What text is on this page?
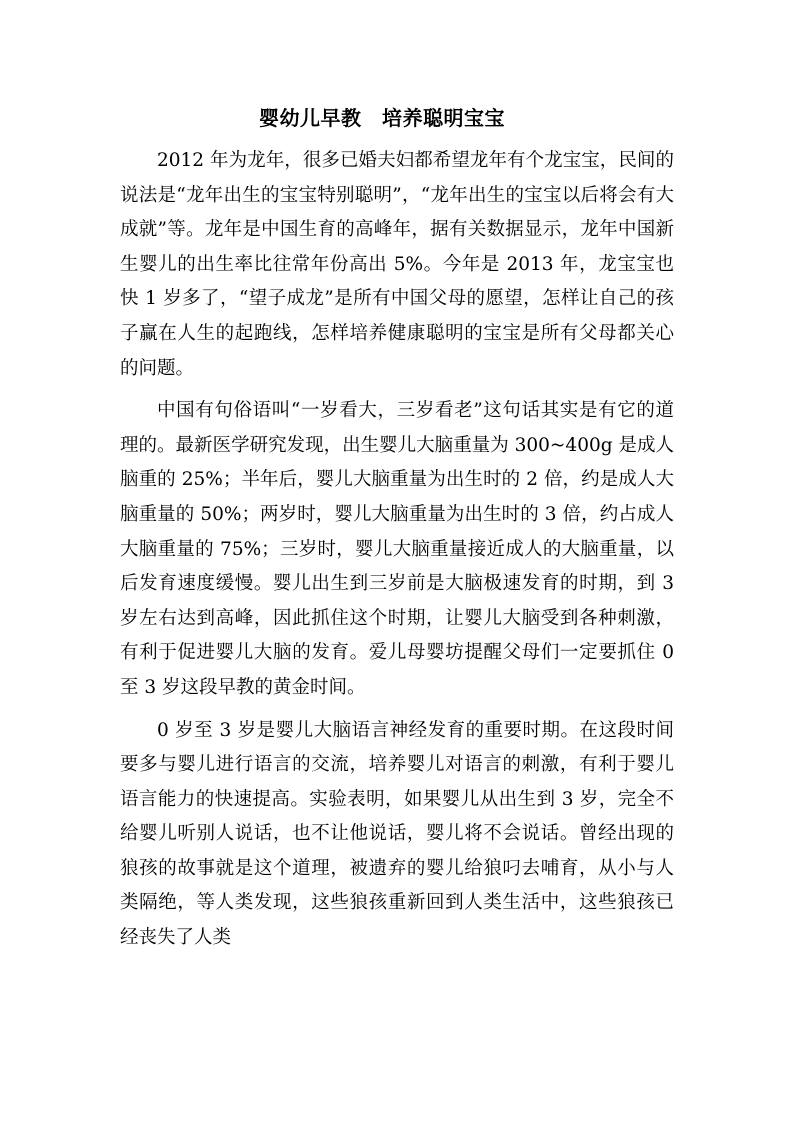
婴幼儿早教　培养聪明宝宝

2012 年为龙年，很多已婚夫妇都希望龙年有个龙宝宝，民间的说法是“龙年出生的宝宝特别聪明”，“龙年出生的宝宝以后将会有大成就”等。龙年是中国生育的高峰年，据有关数据显示，龙年中国新生婴儿的出生率比往常年份高出 5%。今年是 2013 年，龙宝宝也快 1 岁多了，“望子成龙”是所有中国父母的愿望，怎样让自己的孩子赢在人生的起跑线，怎样培养健康聪明的宝宝是所有父母都关心的问题。

中国有句俗语叫“一岁看大，三岁看老”这句话其实是有它的道理的。最新医学研究发现，出生婴儿大脑重量为 300~400g 是成人脑重的 25%；半年后，婴儿大脑重量为出生时的 2 倍，约是成人大脑重量的 50%；两岁时，婴儿大脑重量为出生时的 3 倍，约占成人大脑重量的 75%；三岁时，婴儿大脑重量接近成人的大脑重量，以后发育速度缓慢。婴儿出生到三岁前是大脑极速发育的时期，到 3 岁左右达到高峰，因此抓住这个时期，让婴儿大脑受到各种刺激，有利于促进婴儿大脑的发育。爱儿母婴坊提醒父母们一定要抓住 0 至 3 岁这段早教的黄金时间。

0 岁至 3 岁是婴儿大脑语言神经发育的重要时期。在这段时间要多与婴儿进行语言的交流，培养婴儿对语言的刺激，有利于婴儿语言能力的快速提高。实验表明，如果婴儿从出生到 3 岁，完全不给婴儿听别人说话，也不让他说话，婴儿将不会说话。曾经出现的狼孩的故事就是这个道理，被遗弃的婴儿给狼叼去哺育，从小与人类隔绝，等人类发现，这些狼孩重新回到人类生活中，这些狼孩已经丧失了人类
